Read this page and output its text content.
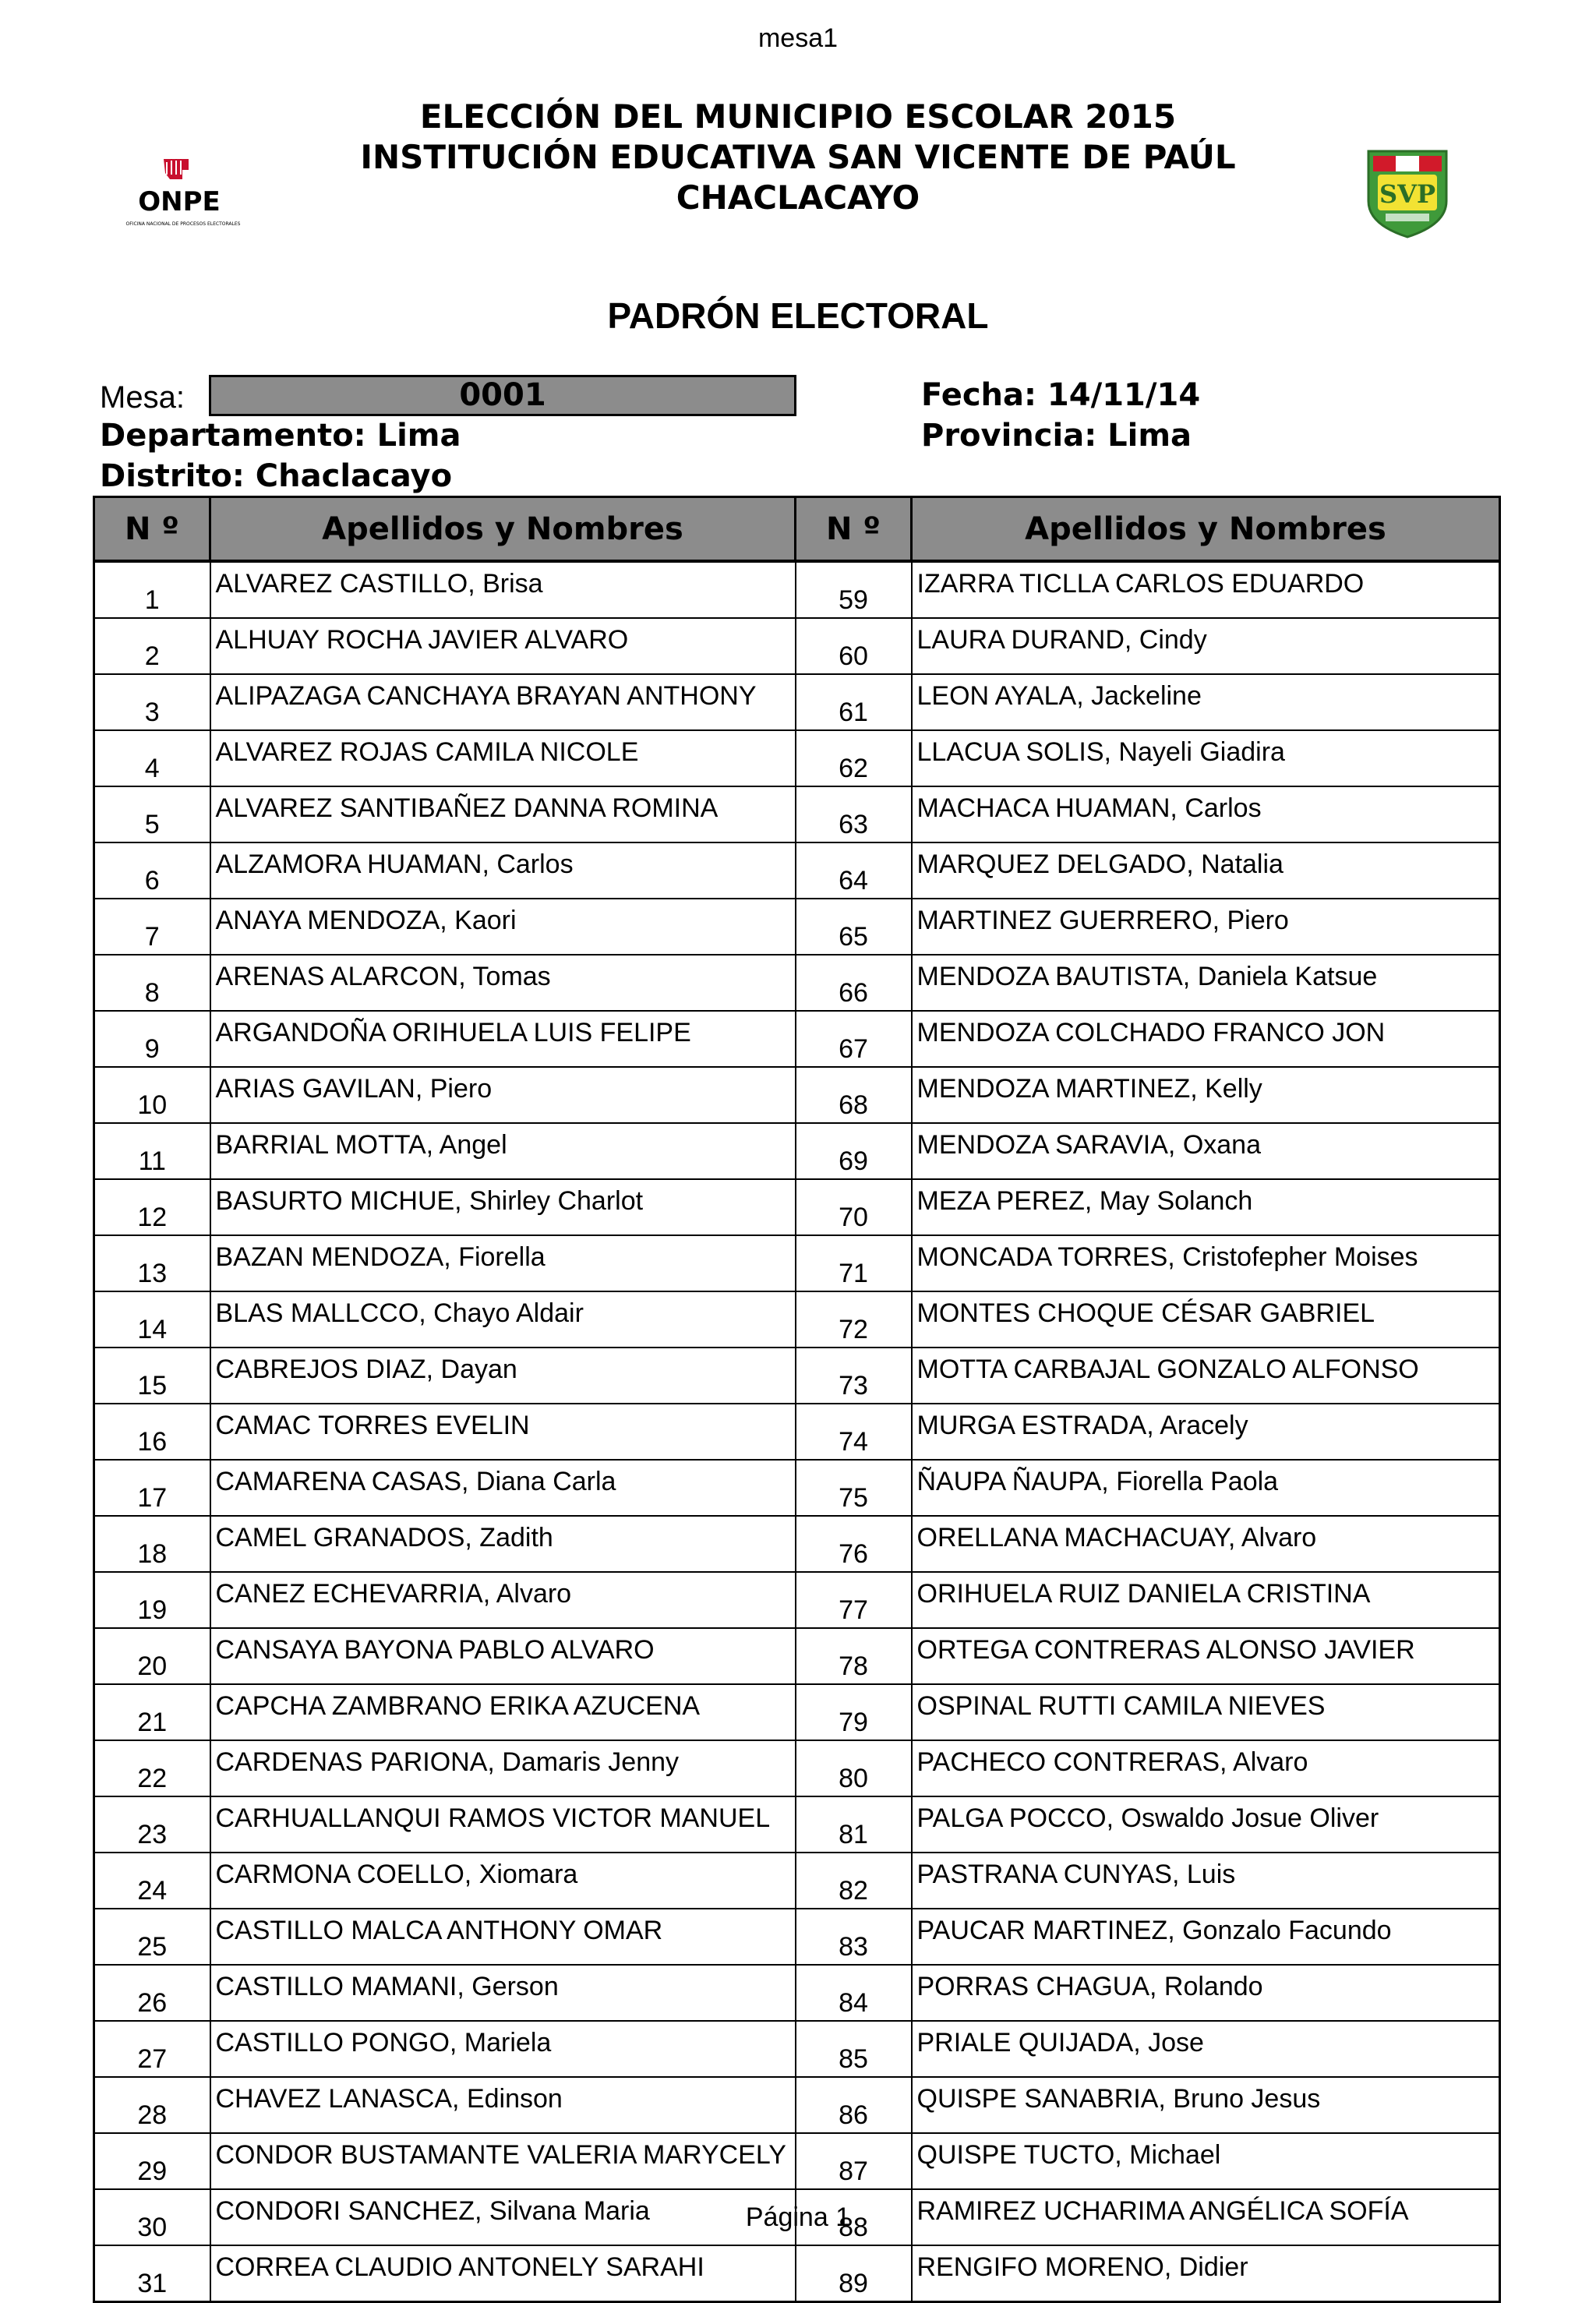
mesa1
ELECCIÓN DEL MUNICIPIO ESCOLAR 2015
INSTITUCIÓN EDUCATIVA SAN VICENTE DE PAÚL
CHACLACAYO
ONPE
OFICINA NACIONAL DE PROCESOS ELECTORALES
SVP
PADRÓN ELECTORAL
Mesa:	0001	Fecha: 14/11/14
Departamento: Lima	Provincia: Lima
Distrito: Chaclacayo
N º	Apellidos y Nombres	N º	Apellidos y Nombres
1	ALVAREZ CASTILLO, Brisa	59	IZARRA TICLLA CARLOS EDUARDO
2	ALHUAY ROCHA JAVIER ALVARO	60	LAURA DURAND, Cindy
3	ALIPAZAGA CANCHAYA BRAYAN ANTHONY	61	LEON AYALA, Jackeline
4	ALVAREZ ROJAS CAMILA NICOLE	62	LLACUA SOLIS, Nayeli Giadira
5	ALVAREZ SANTIBAÑEZ DANNA ROMINA	63	MACHACA HUAMAN, Carlos
6	ALZAMORA HUAMAN, Carlos	64	MARQUEZ DELGADO, Natalia
7	ANAYA MENDOZA, Kaori	65	MARTINEZ GUERRERO, Piero
8	ARENAS ALARCON, Tomas	66	MENDOZA BAUTISTA, Daniela Katsue
9	ARGANDOÑA ORIHUELA LUIS FELIPE	67	MENDOZA COLCHADO FRANCO JON
10	ARIAS GAVILAN, Piero	68	MENDOZA MARTINEZ, Kelly
11	BARRIAL MOTTA, Angel	69	MENDOZA SARAVIA, Oxana
12	BASURTO MICHUE, Shirley Charlot	70	MEZA PEREZ, May Solanch
13	BAZAN MENDOZA, Fiorella	71	MONCADA TORRES, Cristofepher Moises
14	BLAS MALLCCO, Chayo Aldair	72	MONTES CHOQUE CÉSAR GABRIEL
15	CABREJOS DIAZ, Dayan	73	MOTTA CARBAJAL GONZALO ALFONSO
16	CAMAC TORRES EVELIN	74	MURGA ESTRADA, Aracely
17	CAMARENA CASAS, Diana Carla	75	ÑAUPA ÑAUPA, Fiorella Paola
18	CAMEL GRANADOS, Zadith	76	ORELLANA MACHACUAY, Alvaro
19	CANEZ ECHEVARRIA, Alvaro	77	ORIHUELA RUIZ DANIELA CRISTINA
20	CANSAYA BAYONA PABLO ALVARO	78	ORTEGA CONTRERAS ALONSO JAVIER
21	CAPCHA ZAMBRANO ERIKA AZUCENA	79	OSPINAL RUTTI CAMILA NIEVES
22	CARDENAS PARIONA, Damaris Jenny	80	PACHECO CONTRERAS, Alvaro
23	CARHUALLANQUI RAMOS VICTOR MANUEL	81	PALGA POCCO, Oswaldo Josue Oliver
24	CARMONA COELLO, Xiomara	82	PASTRANA CUNYAS, Luis
25	CASTILLO MALCA ANTHONY OMAR	83	PAUCAR MARTINEZ, Gonzalo Facundo
26	CASTILLO MAMANI, Gerson	84	PORRAS CHAGUA, Rolando
27	CASTILLO PONGO, Mariela	85	PRIALE QUIJADA, Jose
28	CHAVEZ LANASCA, Edinson	86	QUISPE SANABRIA, Bruno Jesus
29	CONDOR BUSTAMANTE VALERIA MARYCELY	87	QUISPE TUCTO, Michael
30	CONDORI SANCHEZ, Silvana Maria	88	RAMIREZ UCHARIMA ANGÉLICA SOFÍA
31	CORREA CLAUDIO ANTONELY SARAHI	89	RENGIFO MORENO, Didier
Página 1
